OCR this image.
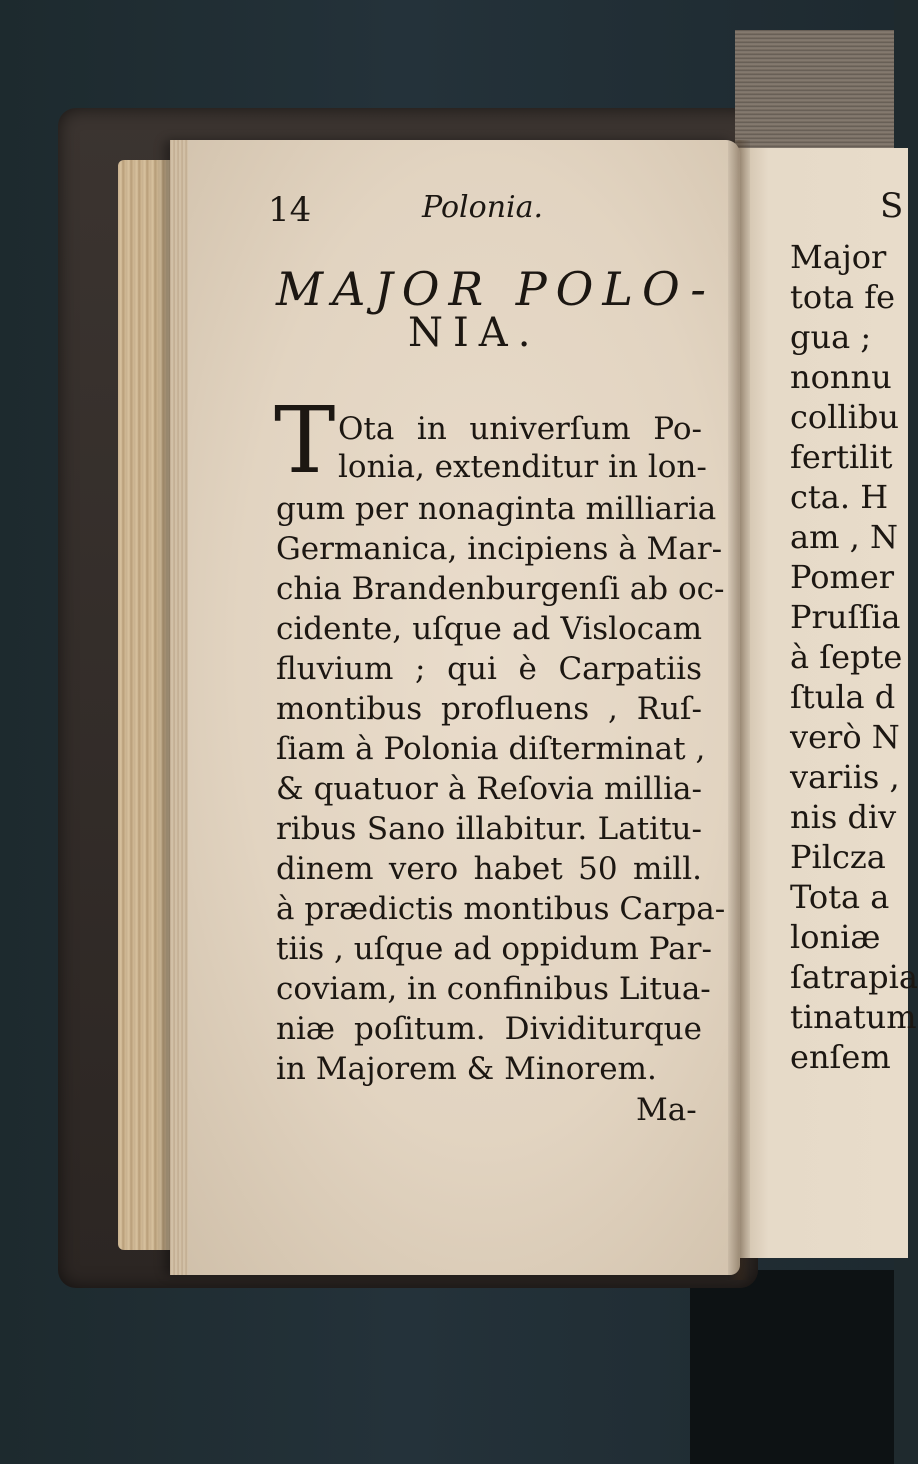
14	Polonia.
MAJOR POLO-
NIA.
T Ota in univerſum Po-
lonia, extenditur in lon-
gum per nonaginta milliaria
Germanica, incipiens à Mar-
chia Brandenburgenſi ab oc-
cidente, uſque ad Vislocam
fluvium ; qui è Carpatiis
montibus profluens , Ruſ-
ſiam à Polonia diſterminat ,
& quatuor à Reſovia millia-
ribus Sano illabitur. Latitu-
dinem vero habet 50 mill.
à prædictis montibus Carpa-
tiis , uſque ad oppidum Par-
coviam, in confinibus Litua-
niæ poſitum. Dividiturque
in Majorem & Minorem.
Ma-
S
Major
tota fe
gua ;
nonnu
collibu
fertilit
cta. H
am , N
Pomer
Pruſſia
à ſepte
ſtula d
verò N
variis ,
nis div
Pilcza
Tota a
loniæ
ſatrapia
tinatum
enſem
